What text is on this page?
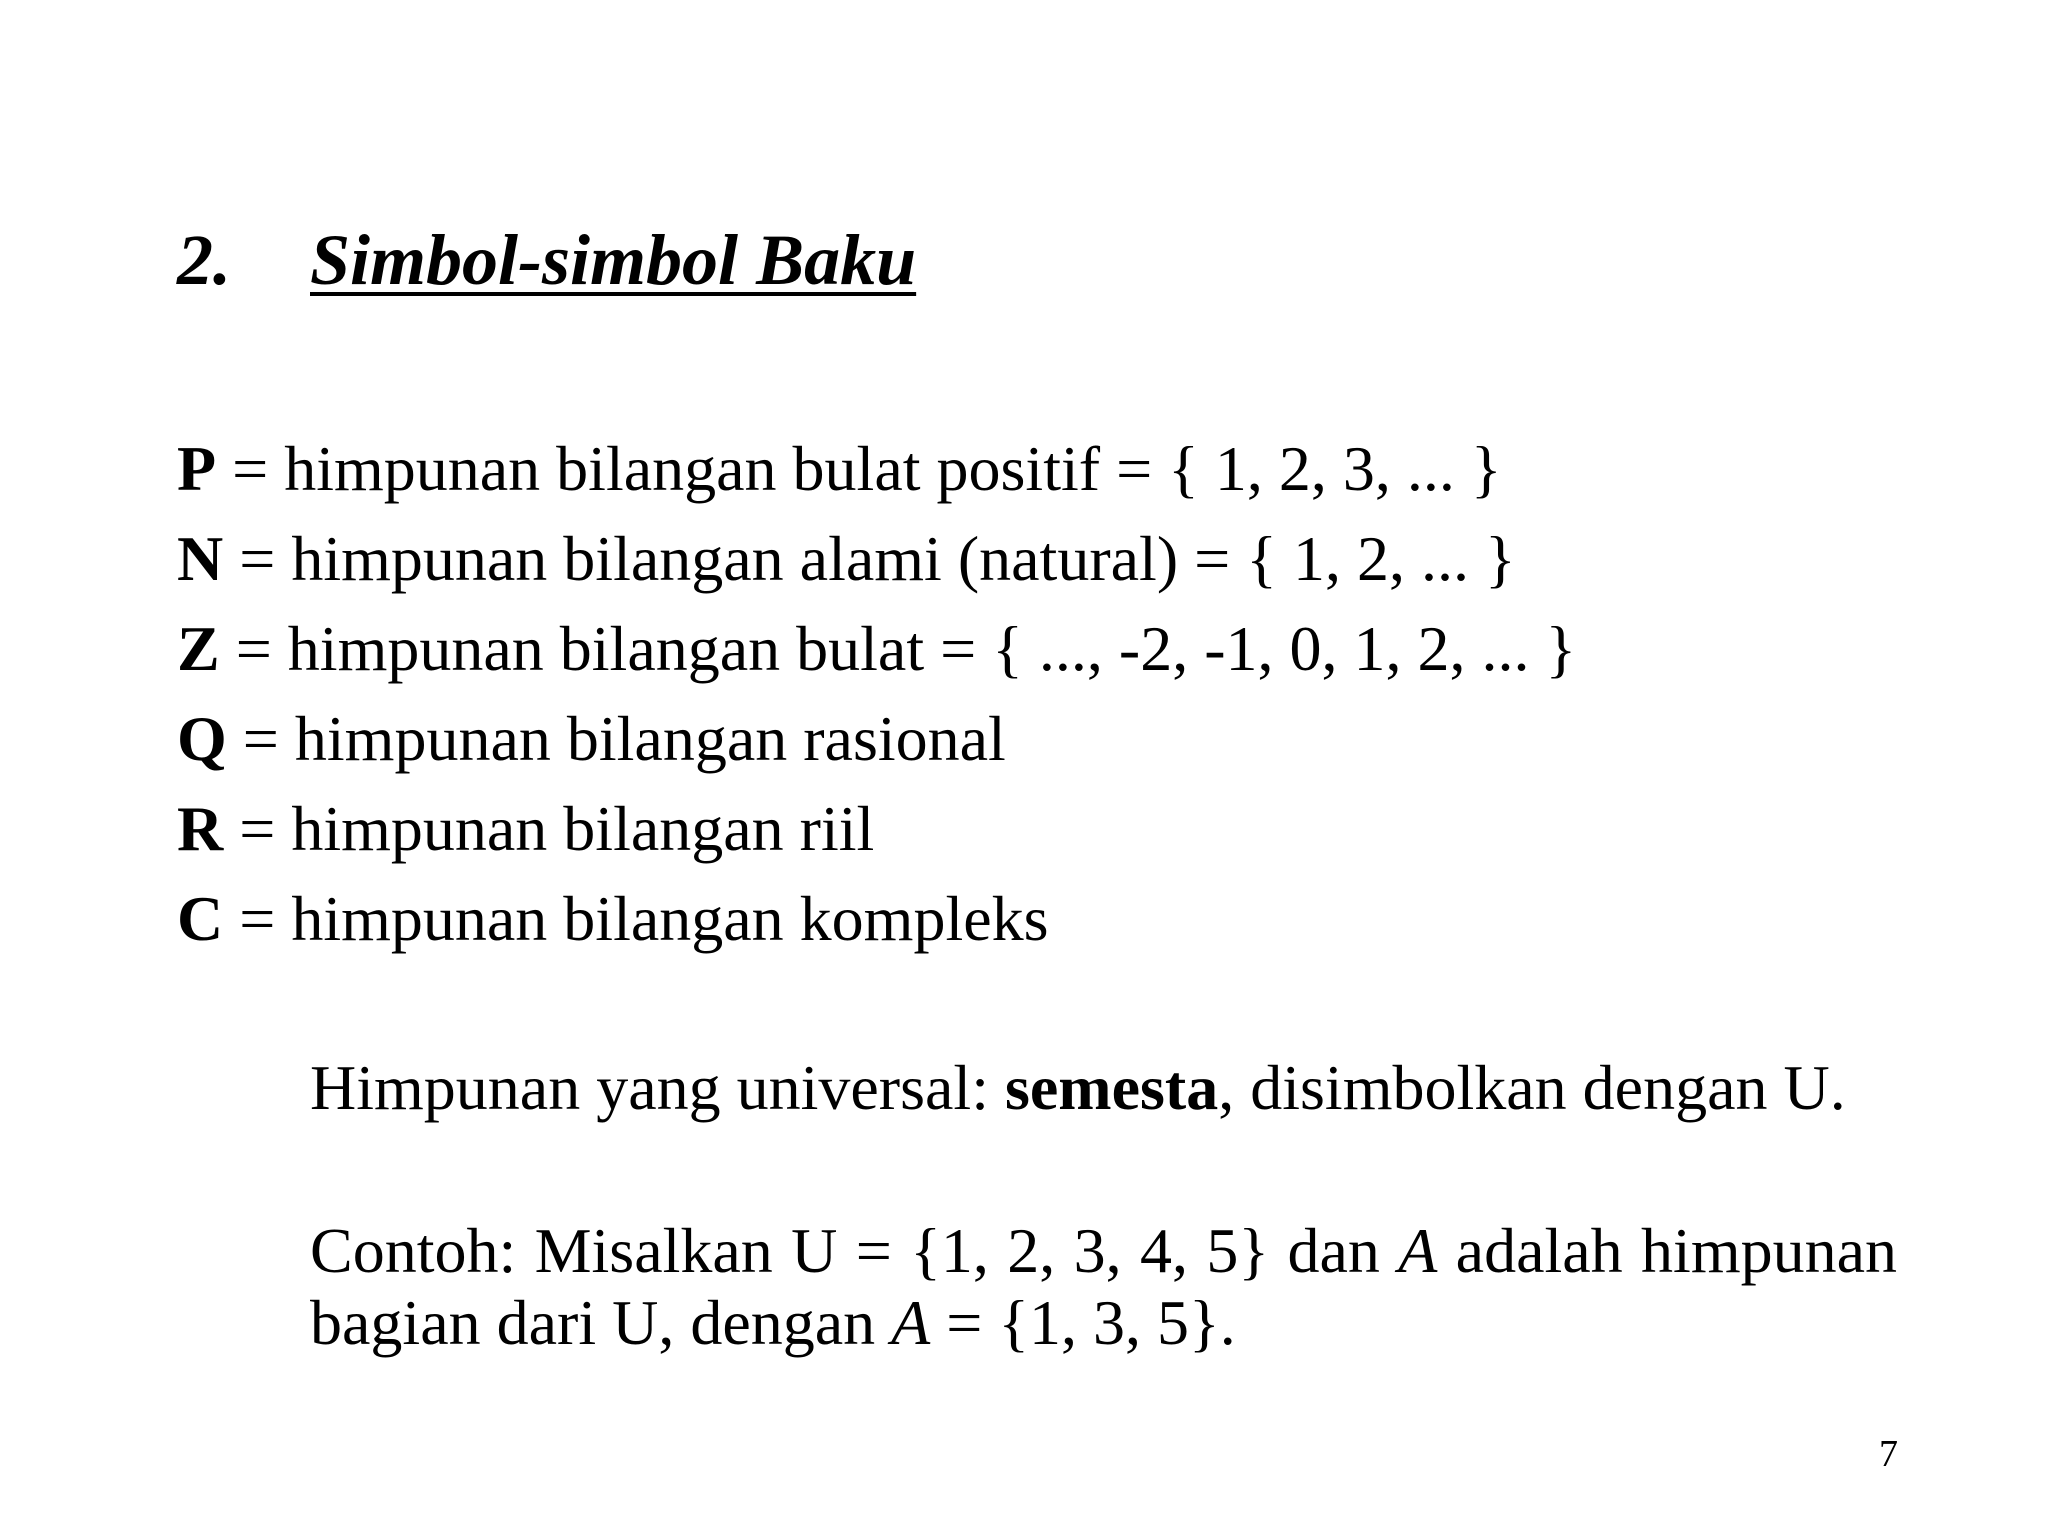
2. Simbol-simbol Baku
P = himpunan bilangan bulat positif = { 1, 2, 3, ... }
N = himpunan bilangan alami (natural) = { 1, 2, ... }
Z = himpunan bilangan bulat = { ..., -2, -1, 0, 1, 2, ... }
Q = himpunan bilangan rasional
R = himpunan bilangan riil
C = himpunan bilangan kompleks

Himpunan yang universal: semesta, disimbolkan dengan U.

Contoh: Misalkan U = {1, 2, 3, 4, 5} dan A adalah himpunan bagian dari U, dengan A = {1, 3, 5}.

7
